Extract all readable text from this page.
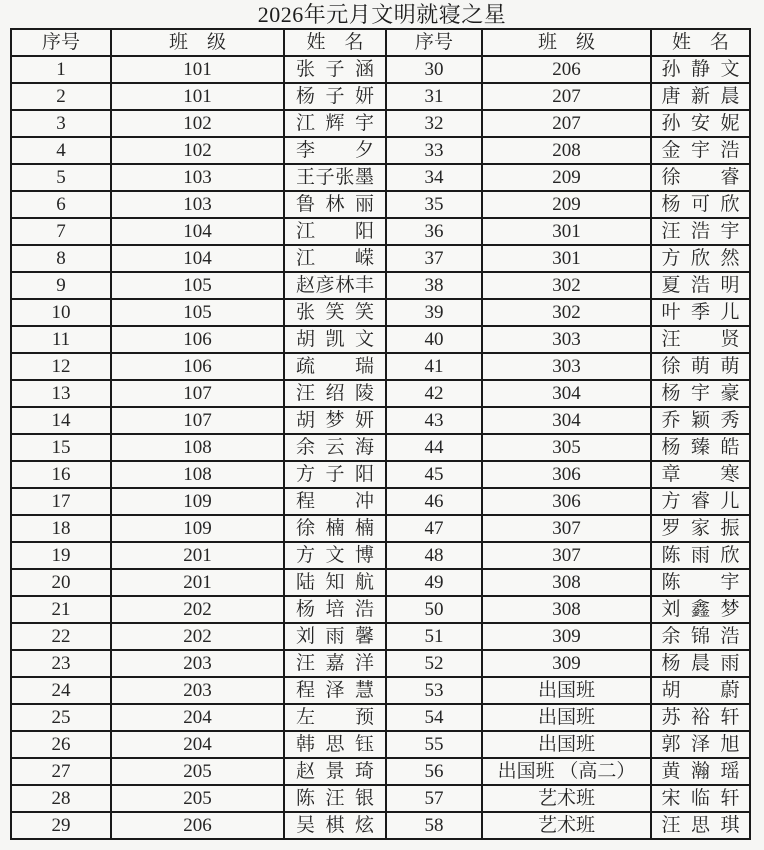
2026年元月文明就寝之星
序号	班　级	姓　名	序号	班　级	姓　名
1	101	张子涵	30	206	孙静文
2	101	杨子妍	31	207	唐新晨
3	102	江辉宇	32	207	孙安妮
4	102	李　夕	33	208	金宇浩
5	103	王子张墨	34	209	徐　睿
6	103	鲁林丽	35	209	杨可欣
7	104	江　阳	36	301	汪浩宇
8	104	江　嵘	37	301	方欣然
9	105	赵彦林丰	38	302	夏浩明
10	105	张笑笑	39	302	叶季儿
11	106	胡凯文	40	303	汪　贤
12	106	疏　瑞	41	303	徐萌萌
13	107	汪绍陵	42	304	杨宇豪
14	107	胡梦妍	43	304	乔颖秀
15	108	余云海	44	305	杨臻皓
16	108	方子阳	45	306	章　寒
17	109	程　冲	46	306	方睿儿
18	109	徐楠楠	47	307	罗家振
19	201	方文博	48	307	陈雨欣
20	201	陆知航	49	308	陈　宇
21	202	杨培浩	50	308	刘鑫梦
22	202	刘雨馨	51	309	余锦浩
23	203	汪嘉洋	52	309	杨晨雨
24	203	程泽慧	53	出国班	胡　蔚
25	204	左　预	54	出国班	苏裕轩
26	204	韩思钰	55	出国班	郭泽旭
27	205	赵景琦	56	出国班 （高二）	黄瀚瑶
28	205	陈汪银	57	艺术班	宋临轩
29	206	吴棋炫	58	艺术班	汪思琪
